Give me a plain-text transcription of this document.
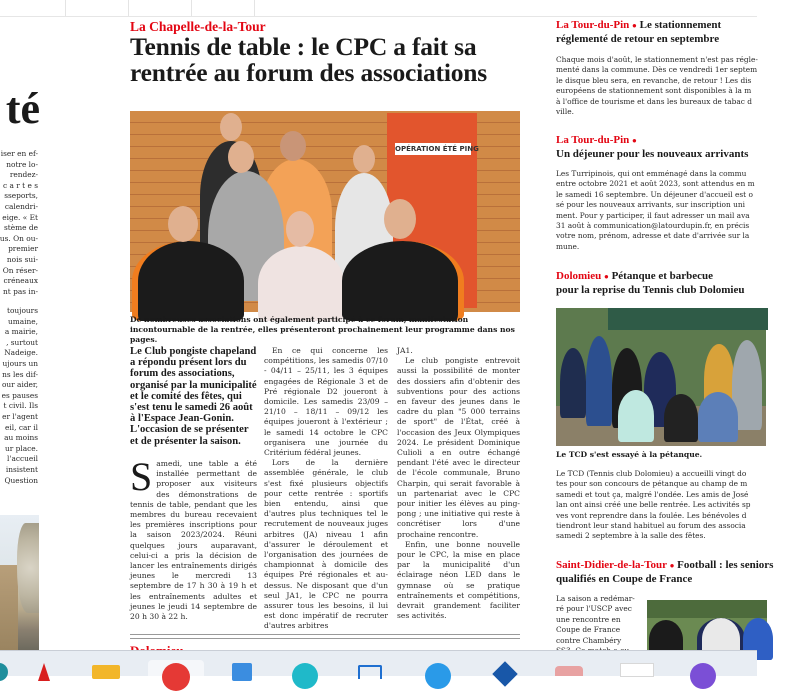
té
iser en ef-
notre lo-
rendez-
c a r t e s
sseports,
calendri-
eige. « Et
stème de
us. On ou-
premier
nois sui-
On réser-
créneaux
nt pas in-
toujours
umaine,
a mairie,
, surtout
Nadeige.
ujours un
ns les dif-
our aider,
es pauses
t civil. Ils
er l'agent
eil, car il
au moins
ur place.
l'accueil
insistent
Question
La Chapelle-de-la-Tour
Tennis de table : le CPC a fait sa rentrée au forum des associations
OPÉRATION ÉTÉ PING
De nombreuses associations ont également participé à ce forum, manifestation incontournable de la rentrée, elles présenteront prochainement leur programme dans nos pages.
Le Club pongiste chapeland a répondu présent lors du forum des associations, organisé par la municipalité et le comité des fêtes, qui s'est tenu le samedi 26 août à l'Espace Jean-Gonin. L'occasion de se présenter et de présenter la saison.

Samedi, une table a été installée permettant de proposer aux visiteurs des démonstrations de tennis de table, pendant que les membres du bureau recevaient les premières inscriptions pour la saison 2023/2024. Réuni quelques jours auparavant, celui-ci a pris la décision de lancer les entraînements dirigés jeunes le mercredi 13 septembre de 17 h 30 à 19 h et les entraînements adultes et jeunes le jeudi 14 septembre de 20 h 30 à 22 h.

En ce qui concerne les compétitions, les samedis 07/10 - 04/11 – 25/11, les 3 équipes engagées de Régionale 3 et de Pré régionale D2 joueront à domicile. Les samedis 23/09 – 21/10 – 18/11 – 09/12 les équipes joueront à l'extérieur ; le samedi 14 octobre le CPC organisera une journée du Critérium fédéral jeunes.

Lors de la dernière assemblée générale, le club s'est fixé plusieurs objectifs pour cette rentrée : sportifs bien entendu, ainsi que d'autres plus techniques tel le recrutement de nouveaux juges arbitres (JA) niveau 1 afin d'assurer le déroulement et l'organisation des journées de championnat à domicile des équipes Pré régionales et au-dessus. Ne disposant que d'un seul JA1, le CPC ne pourra assurer tous les besoins, il lui est donc impératif de recruter d'autres arbitres

JA1.

Le club pongiste entrevoit aussi la possibilité de monter des dossiers afin d'obtenir des subventions pour des actions en faveur des jeunes dans le cadre du plan "5 000 terrains de sport" de l'État, créé à l'occasion des Jeux Olympiques 2024. Le président Dominique Culioli a en outre échangé pendant l'été avec le directeur de l'école communale, Bruno Charpin, qui serait favorable à un partenariat avec le CPC pour initier les élèves au ping-pong ; une initiative qui reste à concrétiser lors d'une prochaine rencontre.

Enfin, une bonne nouvelle pour le CPC, la mise en place par la municipalité d'un éclairage néon LED dans le gymnase où se pratique entraînements et compétitions, devrait grandement faciliter ses activités.

La Tour-du-Pin ● Le stationnement
réglementé de retour en septembre
Chaque mois d'août, le stationnement n'est pas régle-
menté dans la commune. Dès ce vendredi 1er septem
le disque bleu sera, en revanche, de retour ! Les dis
européens de stationnement sont disponibles à la m
à l'office de tourisme et dans les bureaux de tabac d
ville.
La Tour-du-Pin ●
Un déjeuner pour les nouveaux arrivants
Les Turripinois, qui ont emménagé dans la commu
entre octobre 2021 et août 2023, sont attendus en m
le samedi 16 septembre. Un déjeuner d'accueil est o
sé pour les nouveaux arrivants, sur inscription uni
ment. Pour y participer, il faut adresser un mail ava
31 août à communication@latourdupin.fr, en précis
votre nom, prénom, adresse et date d'arrivée sur la
mune.
Dolomieu ● Pétanque et barbecue
pour la reprise du Tennis club Dolomieu
Le TCD s'est essayé à la pétanque.
Le TCD (Tennis club Dolomieu) a accueilli vingt do
tes pour son concours de pétanque au champ de m
samedi et tout ça, malgré l'ondée. Les amis de José
lan ont ainsi créé une belle rentrée. Les activités sp
ves vont reprendre dans la foulée. Les bénévoles d
tiendront leur stand habituel au forum des associa
samedi 2 septembre à la salle des fêtes.
Saint-Didier-de-la-Tour ● Football : les seniors
qualifiés en Coupe de France
La saison a redémar-
ré pour l'USCP avec
une rencontre en
Coupe de France
contre Chambéry
